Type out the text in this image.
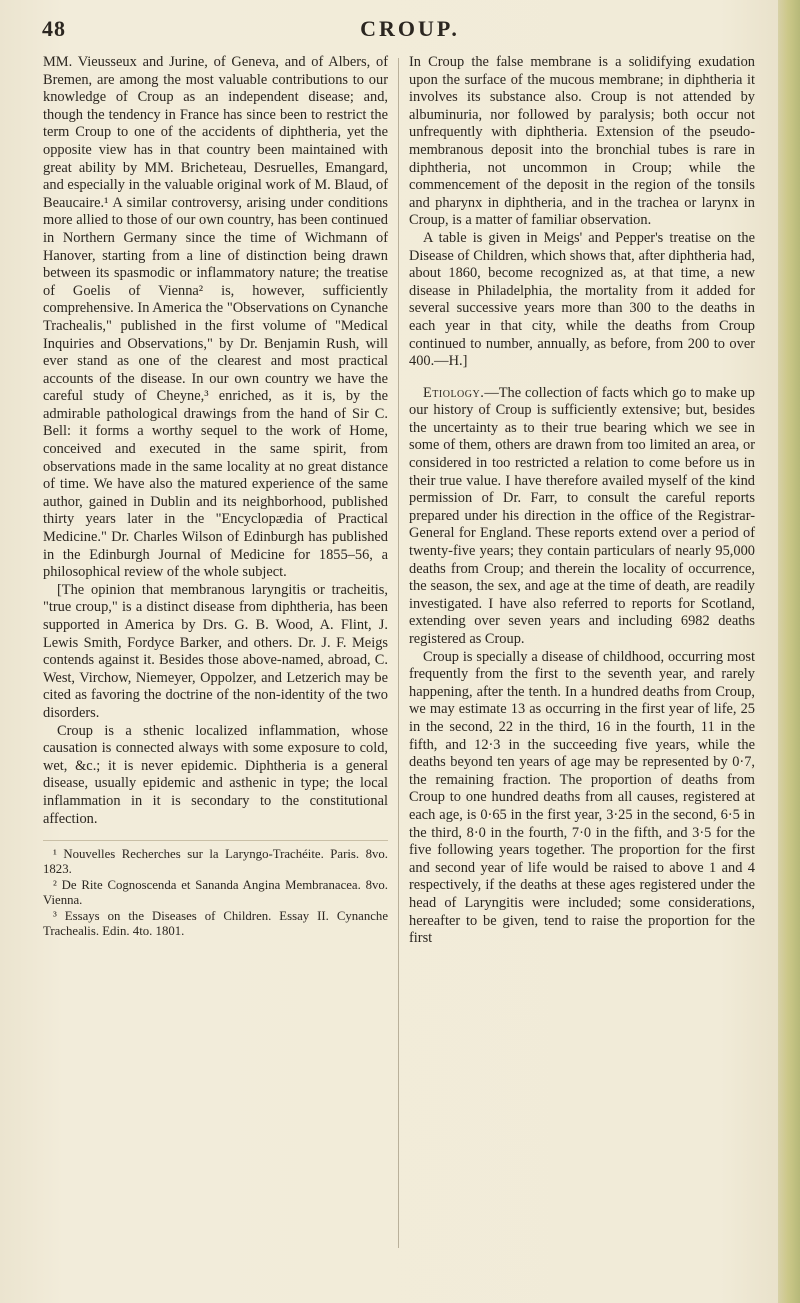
48	CROUP.

MM. Vieusseux and Jurine, of Geneva, and of Albers, of Bremen, are among the most valuable contributions to our knowledge of Croup as an independent disease; and, though the tendency in France has since been to restrict the term Croup to one of the accidents of diphtheria, yet the opposite view has in that country been maintained with great ability by MM. Bricheteau, Desruelles, Emangard, and especially in the valuable original work of M. Blaud, of Beaucaire.¹ A similar controversy, arising under conditions more allied to those of our own country, has been continued in Northern Germany since the time of Wichmann of Hanover, starting from a line of distinction being drawn between its spasmodic or inflammatory nature; the treatise of Goelis of Vienna² is, however, sufficiently comprehensive. In America the "Observations on Cynanche Trachealis," published in the first volume of "Medical Inquiries and Observations," by Dr. Benjamin Rush, will ever stand as one of the clearest and most practical accounts of the disease. In our own country we have the careful study of Cheyne,³ enriched, as it is, by the admirable pathological drawings from the hand of Sir C. Bell: it forms a worthy sequel to the work of Home, conceived and executed in the same spirit, from observations made in the same locality at no great distance of time. We have also the matured experience of the same author, gained in Dublin and its neighborhood, published thirty years later in the "Encyclopædia of Practical Medicine." Dr. Charles Wilson of Edinburgh has published in the Edinburgh Journal of Medicine for 1855–56, a philosophical review of the whole subject.

[The opinion that membranous laryngitis or tracheitis, "true croup," is a distinct disease from diphtheria, has been supported in America by Drs. G. B. Wood, A. Flint, J. Lewis Smith, Fordyce Barker, and others. Dr. J. F. Meigs contends against it. Besides those above-named, abroad, C. West, Virchow, Niemeyer, Oppolzer, and Letzerich may be cited as favoring the doctrine of the non-identity of the two disorders.

Croup is a sthenic localized inflammation, whose causation is connected always with some exposure to cold, wet, &c.; it is never epidemic. Diphtheria is a general disease, usually epidemic and asthenic in type; the local inflammation in it is secondary to the constitutional affection.

¹ Nouvelles Recherches sur la Laryngo-Trachéite. Paris. 8vo. 1823.

² De Rite Cognoscenda et Sananda Angina Membranacea. 8vo. Vienna.

³ Essays on the Diseases of Children. Essay II. Cynanche Trachealis. Edin. 4to. 1801.

In Croup the false membrane is a solidifying exudation upon the surface of the mucous membrane; in diphtheria it involves its substance also. Croup is not attended by albuminuria, nor followed by paralysis; both occur not unfrequently with diphtheria. Extension of the pseudo-membranous deposit into the bronchial tubes is rare in diphtheria, not uncommon in Croup; while the commencement of the deposit in the region of the tonsils and pharynx in diphtheria, and in the trachea or larynx in Croup, is a matter of familiar observation.

A table is given in Meigs' and Pepper's treatise on the Disease of Children, which shows that, after diphtheria had, about 1860, become recognized as, at that time, a new disease in Philadelphia, the mortality from it added for several successive years more than 300 to the deaths in each year in that city, while the deaths from Croup continued to number, annually, as before, from 200 to over 400.—H.]

Etiology.—The collection of facts which go to make up our history of Croup is sufficiently extensive; but, besides the uncertainty as to their true bearing which we see in some of them, others are drawn from too limited an area, or considered in too restricted a relation to come before us in their true value. I have therefore availed myself of the kind permission of Dr. Farr, to consult the careful reports prepared under his direction in the office of the Registrar-General for England. These reports extend over a period of twenty-five years; they contain particulars of nearly 95,000 deaths from Croup; and therein the locality of occurrence, the season, the sex, and age at the time of death, are readily investigated. I have also referred to reports for Scotland, extending over seven years and including 6982 deaths registered as Croup.

Croup is specially a disease of childhood, occurring most frequently from the first to the seventh year, and rarely happening, after the tenth. In a hundred deaths from Croup, we may estimate 13 as occurring in the first year of life, 25 in the second, 22 in the third, 16 in the fourth, 11 in the fifth, and 12·3 in the succeeding five years, while the deaths beyond ten years of age may be represented by 0·7, the remaining fraction. The proportion of deaths from Croup to one hundred deaths from all causes, registered at each age, is 0·65 in the first year, 3·25 in the second, 6·5 in the third, 8·0 in the fourth, 7·0 in the fifth, and 3·5 for the five following years together. The proportion for the first and second year of life would be raised to above 1 and 4 respectively, if the deaths at these ages registered under the head of Laryngitis were included; some considerations, hereafter to be given, tend to raise the proportion for the first
